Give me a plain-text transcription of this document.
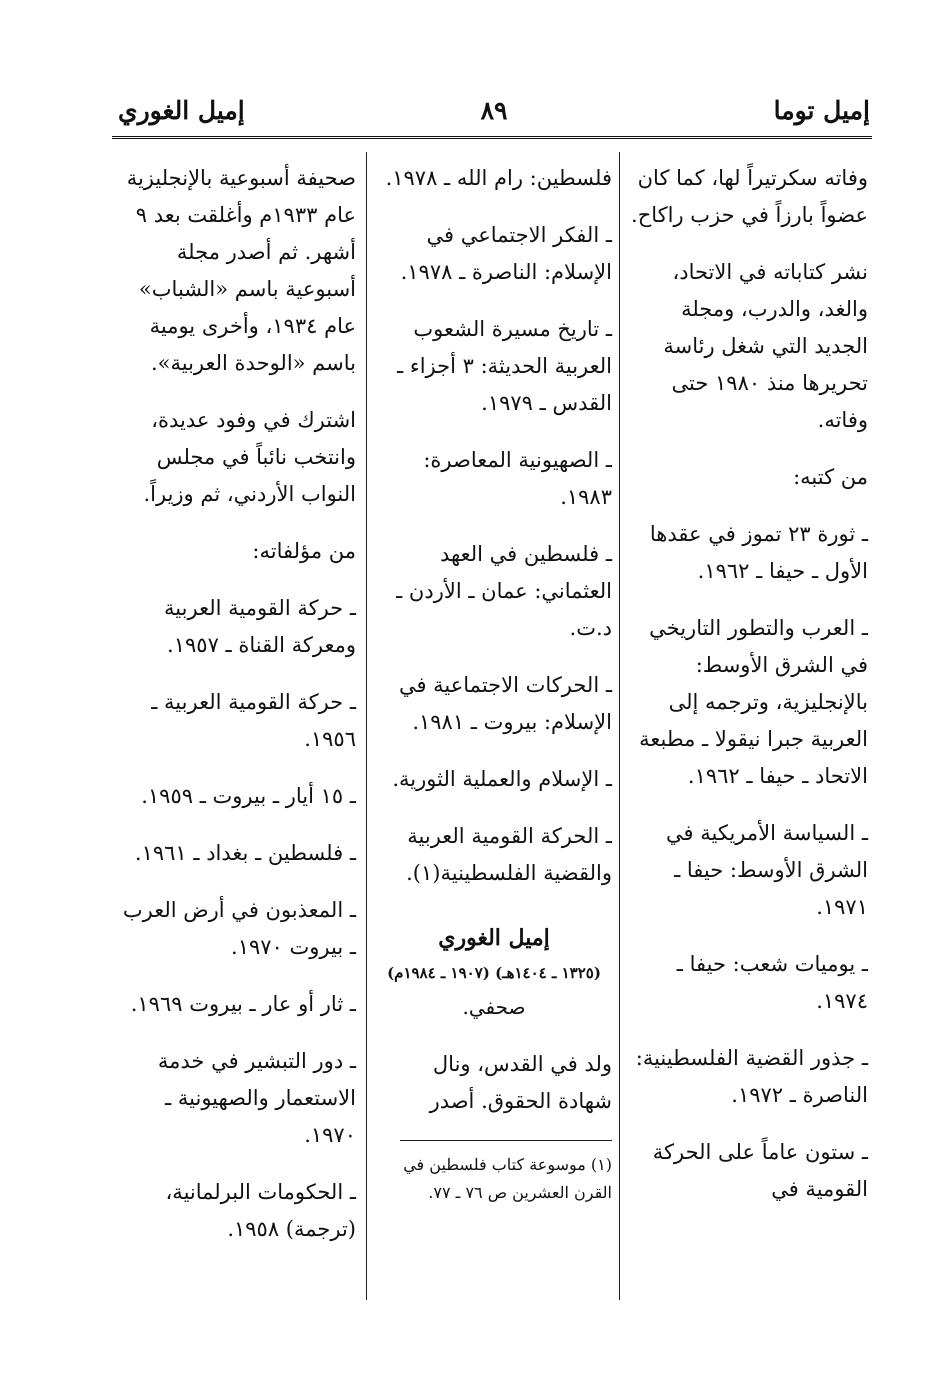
إميل توما
٨٩
إميل الغوري

وفاته سكرتيراً لها، كما كان عضواً بارزاً في حزب راكاح.

نشر كتاباته في الاتحاد، والغد، والدرب، ومجلة الجديد التي شغل رئاسة تحريرها منذ ١٩٨٠ حتى وفاته.

من كتبه:

ـ ثورة ٢٣ تموز في عقدها الأول ـ حيفا ـ ١٩٦٢.

ـ العرب والتطور التاريخي في الشرق الأوسط: بالإنجليزية، وترجمه إلى العربية جبرا نيقولا ـ مطبعة الاتحاد ـ حيفا ـ ١٩٦٢.

ـ السياسة الأمريكية في الشرق الأوسط: حيفا ـ ١٩٧١.

ـ يوميات شعب: حيفا ـ ١٩٧٤.

ـ جذور القضية الفلسطينية: الناصرة ـ ١٩٧٢.

ـ ستون عاماً على الحركة القومية في

فلسطين: رام الله ـ ١٩٧٨.

ـ الفكر الاجتماعي في الإسلام: الناصرة ـ ١٩٧٨.

ـ تاريخ مسيرة الشعوب العربية الحديثة: ٣ أجزاء ـ القدس ـ ١٩٧٩.

ـ الصهيونية المعاصرة: ١٩٨٣.

ـ فلسطين في العهد العثماني: عمان ـ الأردن ـ د.ت.

ـ الحركات الاجتماعية في الإسلام: بيروت ـ ١٩٨١.

ـ الإسلام والعملية الثورية.

ـ الحركة القومية العربية والقضية الفلسطينية(١).

إميل الغوري
(١٣٢٥ ـ ١٤٠٤هـ) (١٩٠٧ ـ ١٩٨٤م)
صحفي.

ولد في القدس، ونال شهادة الحقوق. أصدر

(١) موسوعة كتاب فلسطين في القرن العشرين ص ٧٦ ـ ٧٧.

صحيفة أسبوعية بالإنجليزية عام ١٩٣٣م وأغلقت بعد ٩ أشهر. ثم أصدر مجلة أسبوعية باسم «الشباب» عام ١٩٣٤، وأخرى يومية باسم «الوحدة العربية».

اشترك في وفود عديدة، وانتخب نائباً في مجلس النواب الأردني، ثم وزيراً.

من مؤلفاته:

ـ حركة القومية العربية ومعركة القناة ـ ١٩٥٧.

ـ حركة القومية العربية ـ ١٩٥٦.

ـ ١٥ أيار ـ بيروت ـ ١٩٥٩.

ـ فلسطين ـ بغداد ـ ١٩٦١.

ـ المعذبون في أرض العرب ـ بيروت ١٩٧٠.

ـ ثار أو عار ـ بيروت ١٩٦٩.

ـ دور التبشير في خدمة الاستعمار والصهيونية ـ ١٩٧٠.

ـ الحكومات البرلمانية، (ترجمة) ١٩٥٨.
